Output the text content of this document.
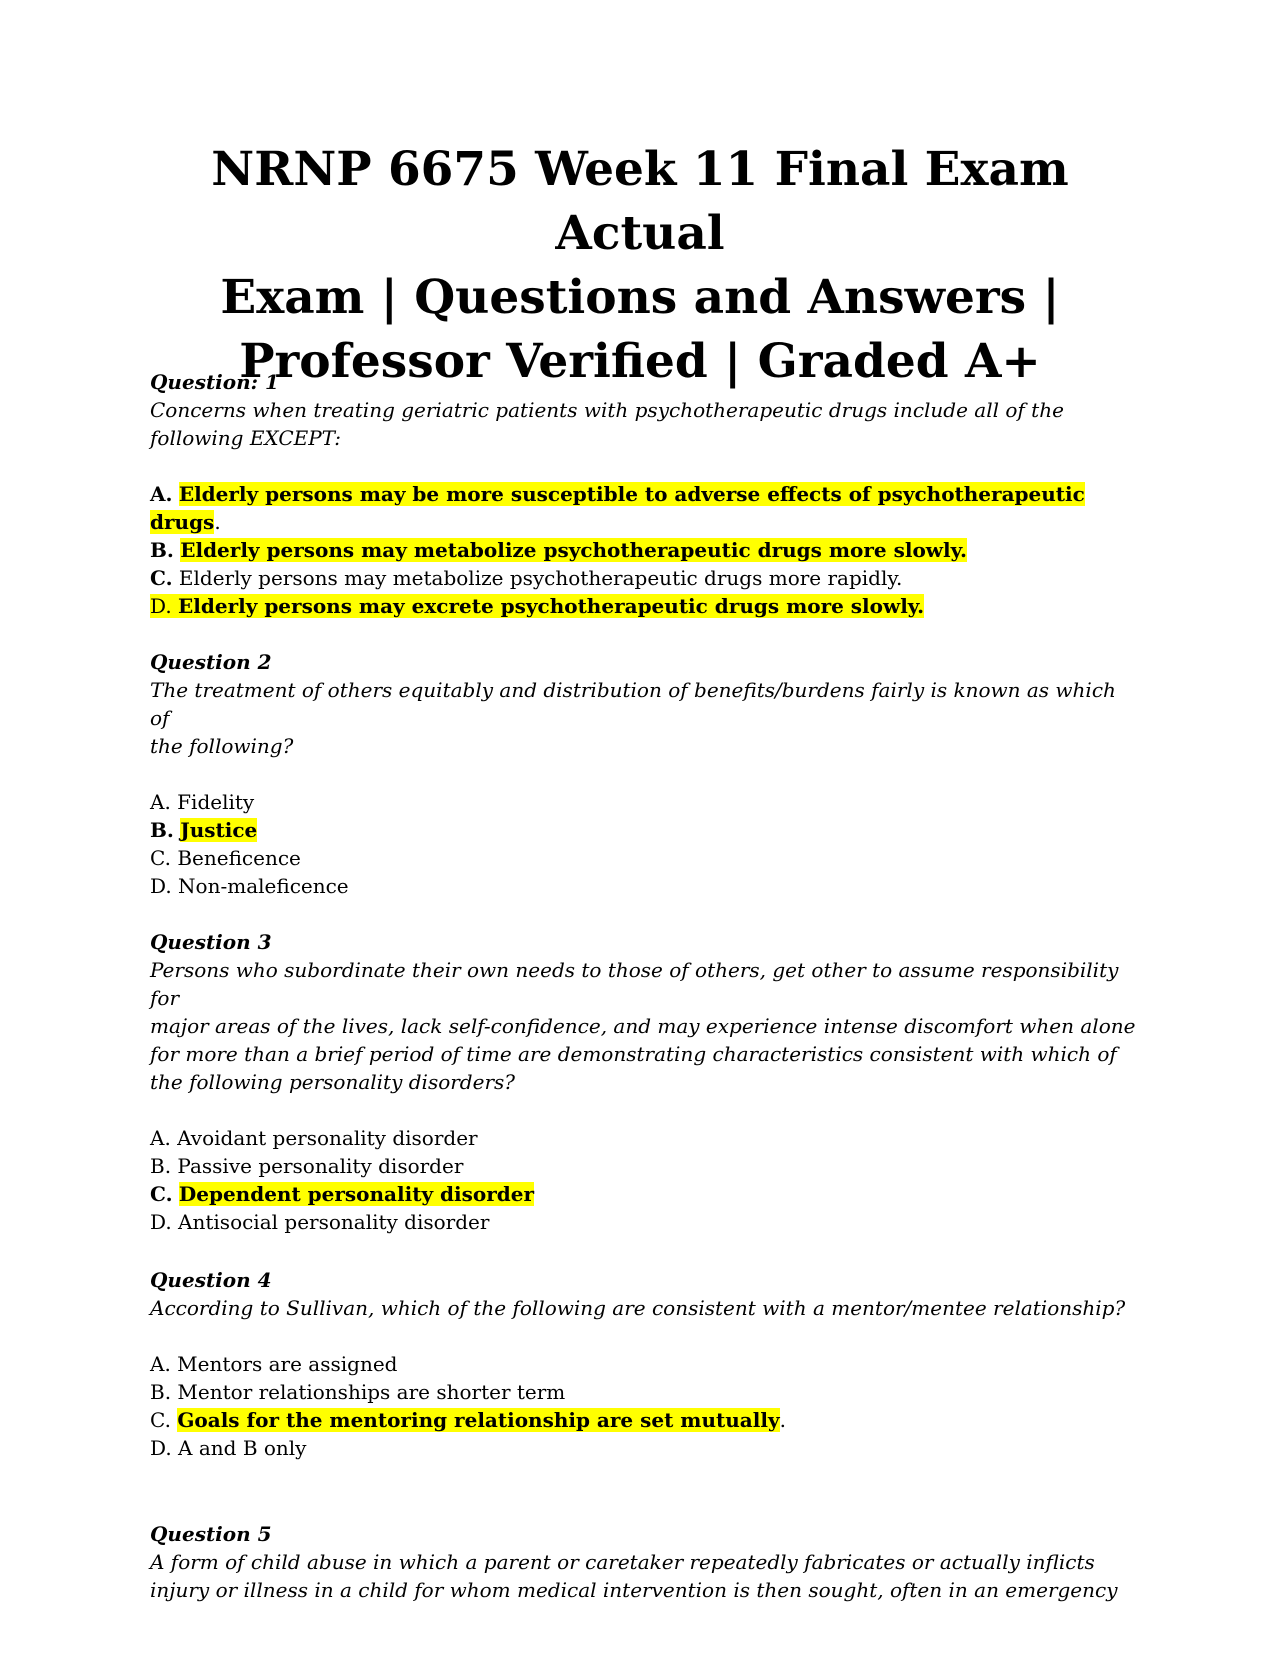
NRNP 6675 Week 11 Final Exam Actual
Exam | Questions and Answers |
Professor Verified | Graded A+
Question: 1
Concerns when treating geriatric patients with psychotherapeutic drugs include all of the
following EXCEPT:
A. Elderly persons may be more susceptible to adverse effects of psychotherapeutic
drugs.
B. Elderly persons may metabolize psychotherapeutic drugs more slowly.
C. Elderly persons may metabolize psychotherapeutic drugs more rapidly.
D. Elderly persons may excrete psychotherapeutic drugs more slowly.
Question 2
The treatment of others equitably and distribution of benefits/burdens fairly is known as which of
the following?
A. Fidelity
B. Justice
C. Beneficence
D. Non-maleficence
Question 3
Persons who subordinate their own needs to those of others, get other to assume responsibility for
major areas of the lives, lack self-confidence, and may experience intense discomfort when alone
for more than a brief period of time are demonstrating characteristics consistent with which of
the following personality disorders?
A. Avoidant personality disorder
B. Passive personality disorder
C. Dependent personality disorder
D. Antisocial personality disorder
Question 4
According to Sullivan, which of the following are consistent with a mentor/mentee relationship?
A. Mentors are assigned
B. Mentor relationships are shorter term
C. Goals for the mentoring relationship are set mutually.
D. A and B only
Question 5
A form of child abuse in which a parent or caretaker repeatedly fabricates or actually inflicts
injury or illness in a child for whom medical intervention is then sought, often in an emergency
